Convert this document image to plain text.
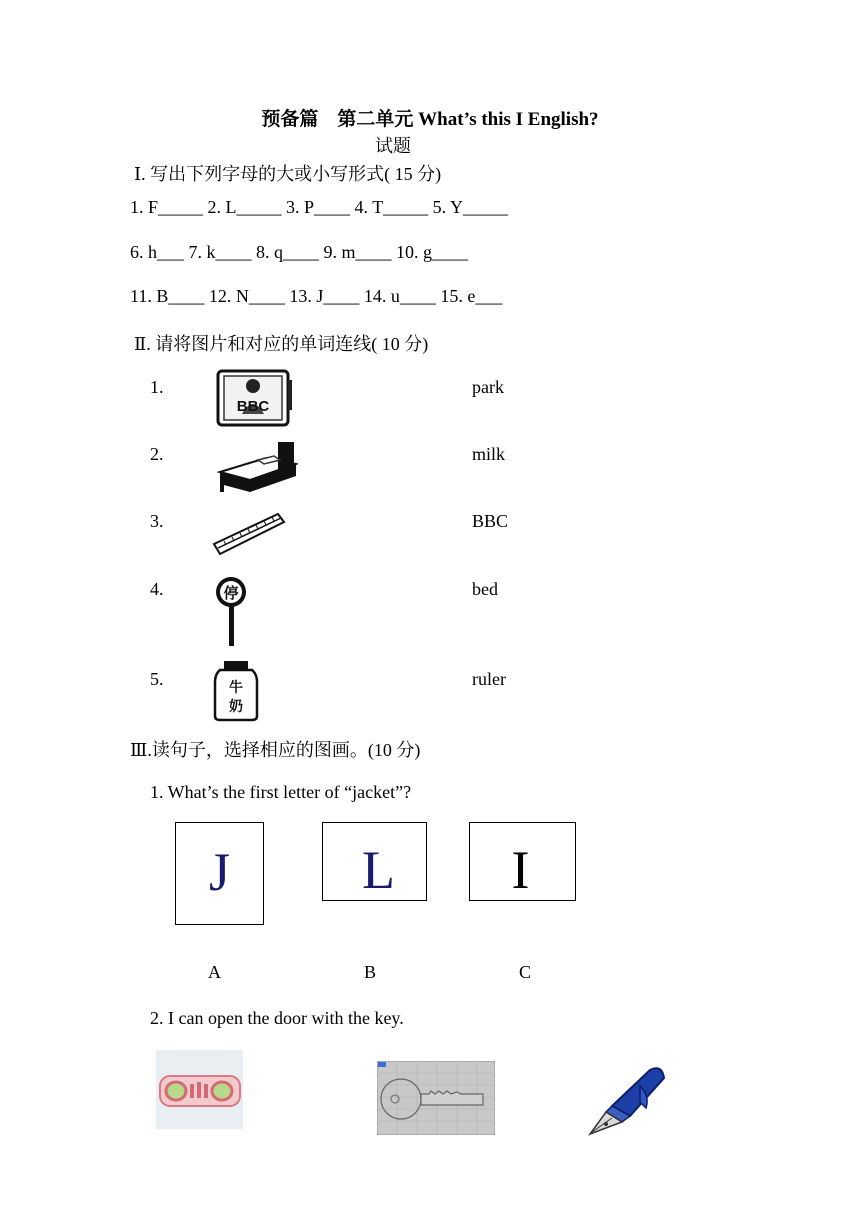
预备篇　第二单元 What’s this I English?
试题
Ⅰ. 写出下列字母的大或小写形式( 15 分)
1. F_____ 2. L_____ 3. P____ 4. T_____ 5. Y_____
6. h___ 7. k____ 8. q____ 9. m____ 10. g____
11. B____ 12. N____ 13. J____ 14. u____ 15. e___
Ⅱ. 请将图片和对应的单词连线( 10 分)
1.	park
2.	milk
3.	BBC
4.	bed
5.	ruler
BBC
停
牛
奶
Ⅲ.读句子，选择相应的图画。(10 分)
1. What’s the first letter of “jacket”?
J	L	I
A	B	C
2. I can open the door with the key.
